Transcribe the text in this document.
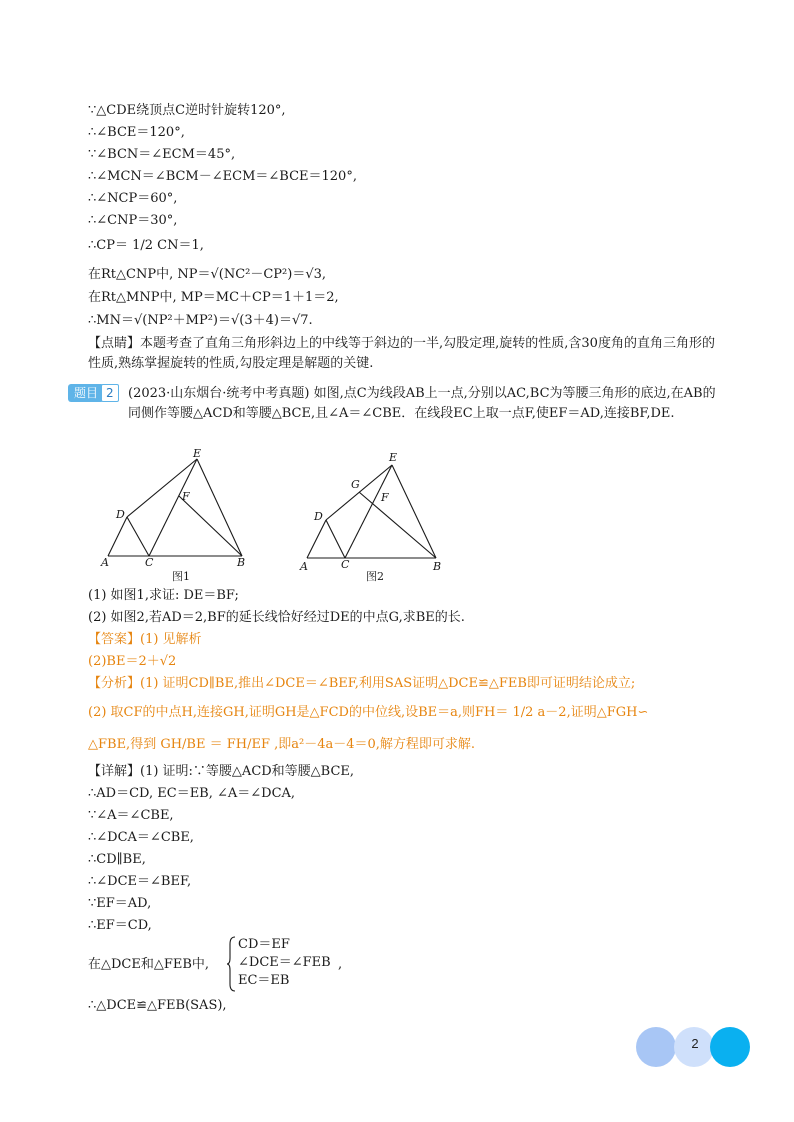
∵△CDE绕顶点C逆时针旋转120°,
∴∠BCE＝120°,
∵∠BCN＝∠ECM＝45°,
∴∠MCN＝∠BCM－∠ECM＝∠BCE＝120°,
∴∠NCP＝60°,
∴∠CNP＝30°,
∴CP＝ 1/2 CN＝1,
在Rt△CNP中, NP＝√(NC²－CP²)＝√3,
在Rt△MNP中, MP＝MC＋CP＝1＋1＝2,
∴MN＝√(NP²＋MP²)＝√(3＋4)＝√7.
【点睛】本题考查了直角三角形斜边上的中线等于斜边的一半,勾股定理,旋转的性质,含30度角的直角三角形的性质,熟练掌握旋转的性质,勾股定理是解题的关键.
题目 2	(2023·山东烟台·统考中考真题) 如图,点C为线段AB上一点,分别以AC,BC为等腰三角形的底边,在AB的同侧作等腰△ACD和等腰△BCE,且∠A＝∠CBE．在线段EC上取一点F,使EF＝AD,连接BF,DE.
E
D
F
A	C	B
图1
E
G
D
F
A	C	B
图2
(1) 如图1,求证: DE＝BF;
(2) 如图2,若AD＝2,BF的延长线恰好经过DE的中点G,求BE的长.
【答案】(1) 见解析
(2)BE＝2＋√2
【分析】(1) 证明CD∥BE,推出∠DCE＝∠BEF,利用SAS证明△DCE≌△FEB即可证明结论成立;
(2) 取CF的中点H,连接GH,证明GH是△FCD的中位线,设BE＝a,则FH＝ 1/2 a－2,证明△FGH∽
△FBE,得到 GH/BE ＝ FH/EF ,即a²－4a－4＝0,解方程即可求解.
【详解】(1) 证明:∵等腰△ACD和等腰△BCE,
∴AD＝CD, EC＝EB, ∠A＝∠DCA,
∵∠A＝∠CBE,
∴∠DCA＝∠CBE,
∴CD∥BE,
∴∠DCE＝∠BEF,
∵EF＝AD,
∴EF＝CD,
在△DCE和△FEB中,
CD＝EF
∠DCE＝∠FEB
EC＝EB
,
∴△DCE≌△FEB(SAS),
2
